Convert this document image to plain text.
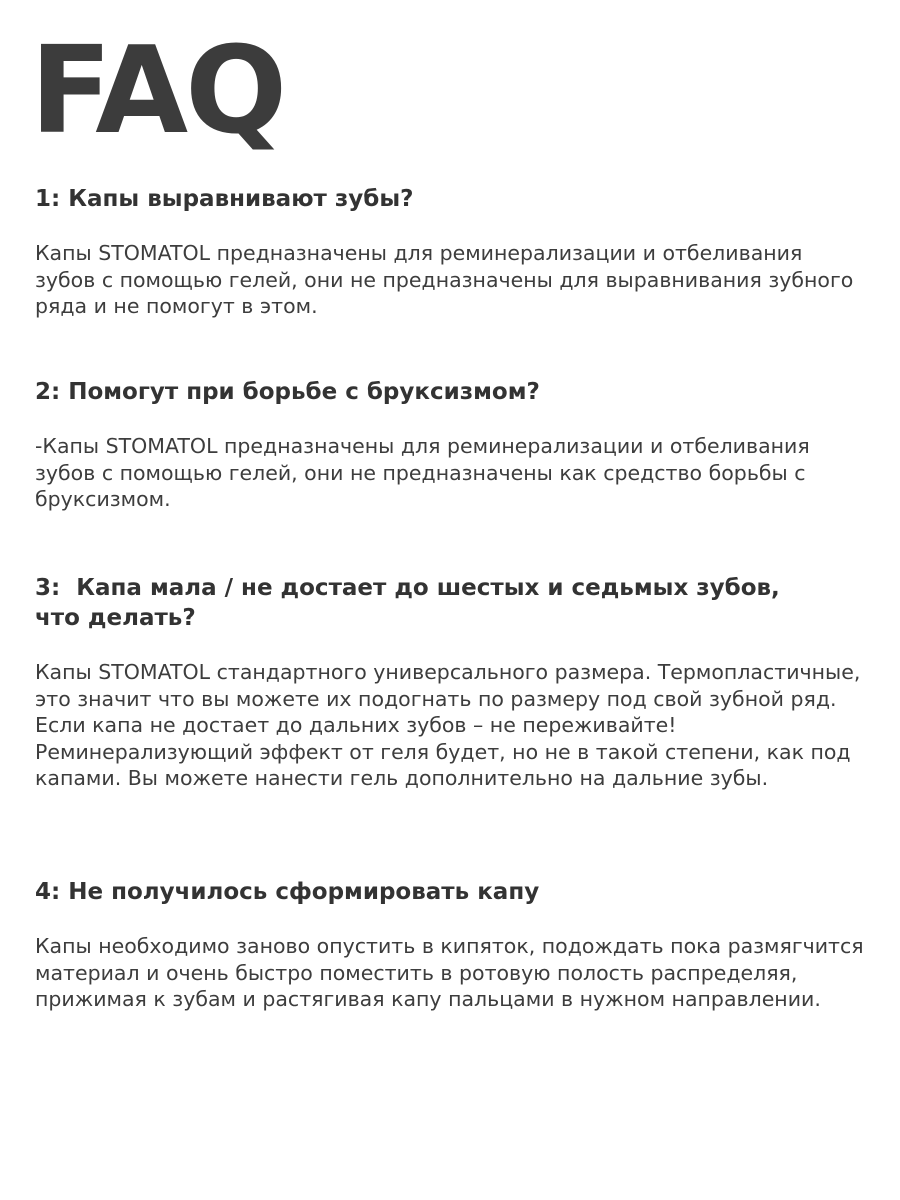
FAQ
1: Капы выравнивают зубы?

Капы STOMATOL предназначены для реминерализации и отбеливания зубов с помощью гелей, они не предназначены для выравнивания зубного ряда и не помогут в этом.

2: Помогут при борьбе с бруксизмом?

-Капы STOMATOL предназначены для реминерализации и отбеливания зубов с помощью гелей, они не предназначены как средство борьбы с бруксизмом.

3:  Капа мала / не достает до шестых и седьмых зубов, что делать?

Капы STOMATOL стандартного универсального размера. Термопластичные, это значит что вы можете их подогнать по размеру под свой зубной ряд. Если капа не достает до дальних зубов – не переживайте! Реминерализующий эффект от геля будет, но не в такой степени, как под капами. Вы можете нанести гель дополнительно на дальние зубы.

4: Не получилось сформировать капу

Капы необходимо заново опустить в кипяток, подождать пока размягчится материал и очень быстро поместить в ротовую полость распределяя, прижимая к зубам и растягивая капу пальцами в нужном направлении.
